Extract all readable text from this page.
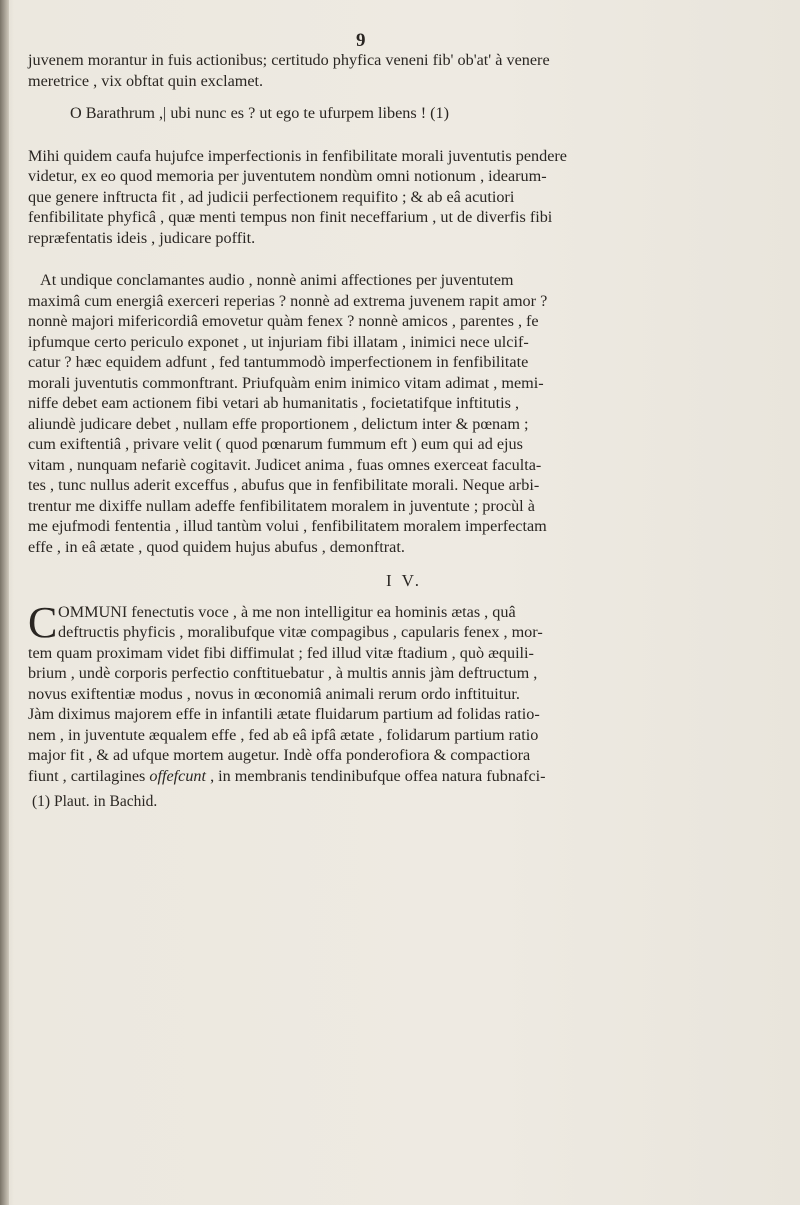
9
juvenem morantur in fuis actionibus; certitudo phyfica veneni fib' ob'at' à venere
meretrice , vix obftat quin exclamet.
O Barathrum ,| ubi nunc es ? ut ego te ufurpem libens ! (1)
Mihi quidem caufa hujufce imperfectionis in fenfibilitate morali juventutis pendere
videtur, ex eo quod memoria per juventutem nondùm omni notionum , idearum-
que genere inftructa fit , ad judicii perfectionem requifito ; & ab eâ acutiori
fenfibilitate phyficâ , quæ menti tempus non finit neceffarium , ut de diverfis fibi
repræfentatis ideis , judicare poffit.
At undique conclamantes audio , nonnè animi affectiones per juventutem
maximâ cum energiâ exerceri reperias ? nonnè ad extrema juvenem rapit amor ?
nonnè majori mifericordiâ emovetur quàm fenex ? nonnè amicos , parentes , fe
ipfumque certo periculo exponet , ut injuriam fibi illatam , inimici nece ulcif-
catur ? hæc equidem adfunt , fed tantummodò imperfectionem in fenfibilitate
morali juventutis commonftrant. Priufquàm enim inimico vitam adimat , memi-
niffe debet eam actionem fibi vetari ab humanitatis , focietatifque inftitutis ,
aliundè judicare debet , nullam effe proportionem , delictum inter & pœnam ;
cum exiftentiâ , privare velit ( quod pœnarum fummum eft ) eum qui ad ejus
vitam , nunquam nefariè cogitavit. Judicet anima , fuas omnes exerceat faculta-
tes , tunc nullus aderit exceffus , abufus que in fenfibilitate morali. Neque arbi-
trentur me dixiffe nullam adeffe fenfibilitatem moralem in juventute ; procùl à
me ejufmodi fententia , illud tantùm volui , fenfibilitatem moralem imperfectam
effe , in eâ ætate , quod quidem hujus abufus , demonftrat.
I V.
C OMMUNI fenectutis voce , à me non intelligitur ea hominis ætas , quâ
deftructis phyficis , moralibufque vitæ compagibus , capularis fenex , mor-
tem quam proximam videt fibi diffimulat ; fed illud vitæ ftadium , quò æquili-
brium , undè corporis perfectio conftituebatur , à multis annis jàm deftructum ,
novus exiftentiæ modus , novus in œconomiâ animali rerum ordo inftituitur.
Jàm diximus majorem effe in infantili ætate fluidarum partium ad folidas ratio-
nem , in juventute æqualem effe , fed ab eâ ipfâ ætate , folidarum partium ratio
major fit , & ad ufque mortem augetur. Indè offa ponderofiora & compactiora
fiunt , cartilagines offefcunt , in membranis tendinibufque offea natura fubnafci-
(1) Plaut. in Bachid.
